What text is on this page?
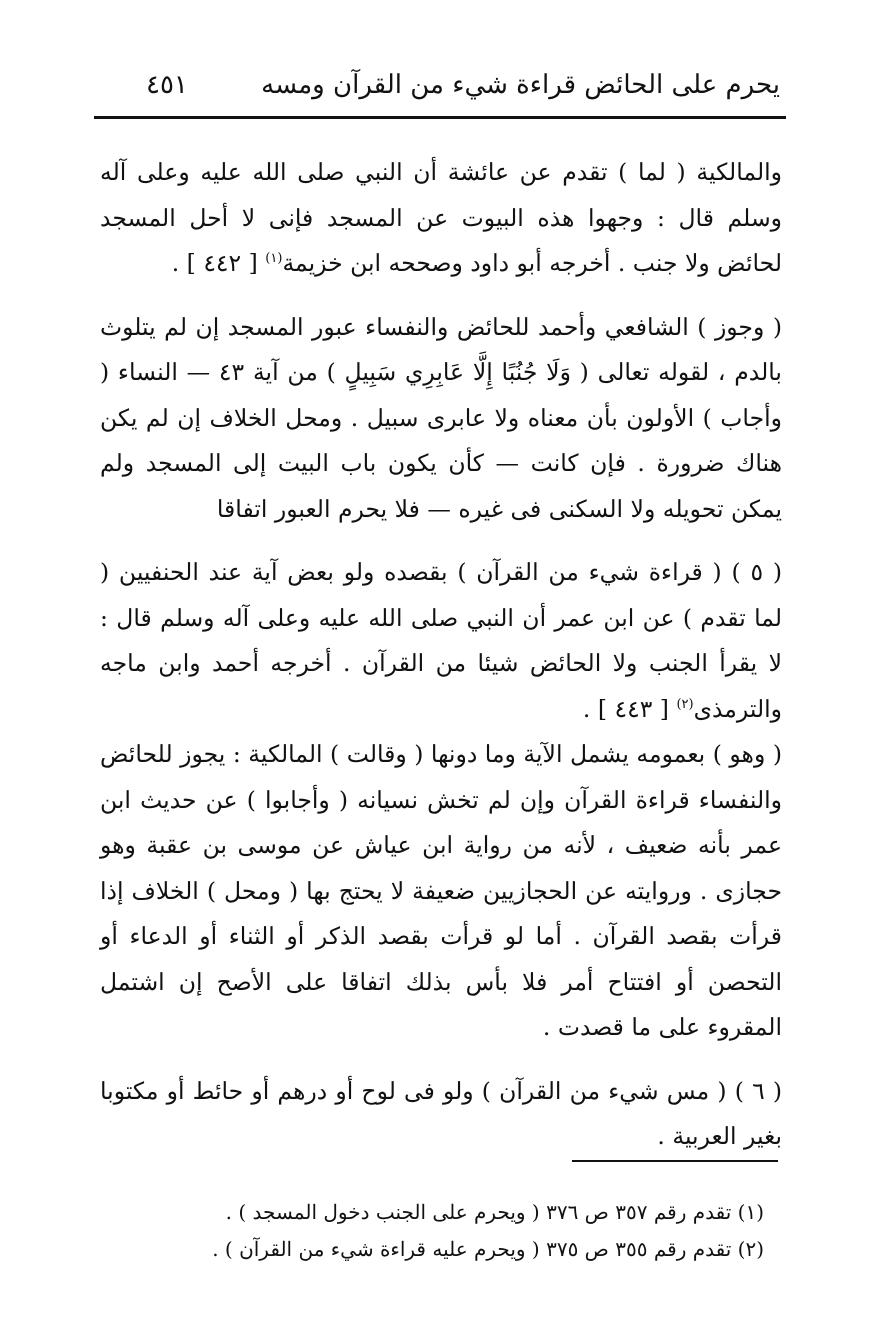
٤٥١	يحرم على الحائض قراءة شيء من القرآن ومسه

والمالكية ( لما ) تقدم عن عائشة أن النبي صلى الله عليه وعلى آله وسلم قال : وجهوا هذه البيوت عن المسجد فإنى لا أحل المسجد لحائض ولا جنب . أخرجه أبو داود وصححه ابن خزيمة$^{(١)}$ [ ٤٤٢ ] .

( وجوز ) الشافعي وأحمد للحائض والنفساء عبور المسجد إن لم يتلوث بالدم ، لقوله تعالى ( وَلَا جُنُبًا إِلَّا عَابِرِي سَبِيلٍ ) من آية ٤٣ — النساء ( وأجاب ) الأولون بأن معناه ولا عابرى سبيل . ومحل الخلاف إن لم يكن هناك ضرورة . فإن كانت — كأن يكون باب البيت إلى المسجد ولم يمكن تحويله ولا السكنى فى غيره — فلا يحرم العبور اتفاقا

( ٥ ) ( قراءة شيء من القرآن ) بقصده ولو بعض آية عند الحنفيين ( لما تقدم ) عن ابن عمر أن النبي صلى الله عليه وعلى آله وسلم قال : لا يقرأ الجنب ولا الحائض شيئا من القرآن . أخرجه أحمد وابن ماجه والترمذى$^{(٢)}$ [ ٤٤٣ ] .

( وهو ) بعمومه يشمل الآية وما دونها ( وقالت ) المالكية : يجوز للحائض والنفساء قراءة القرآن وإن لم تخش نسيانه ( وأجابوا ) عن حديث ابن عمر بأنه ضعيف ، لأنه من رواية ابن عياش عن موسى بن عقبة وهو حجازى . وروايته عن الحجازيين ضعيفة لا يحتج بها ( ومحل ) الخلاف إذا قرأت بقصد القرآن . أما لو قرأت بقصد الذكر أو الثناء أو الدعاء أو التحصن أو افتتاح أمر فلا بأس بذلك اتفاقا على الأصح إن اشتمل المقروء على ما قصدت .

( ٦ ) ( مس شيء من القرآن ) ولو فى لوح أو درهم أو حائط أو مكتوبا بغير العربية .

(١) تقدم رقم ٣٥٧ ص ٣٧٦ ( ويحرم على الجنب دخول المسجد ) .

(٢) تقدم رقم ٣٥٥ ص ٣٧٥ ( ويحرم عليه قراءة شيء من القرآن ) .
